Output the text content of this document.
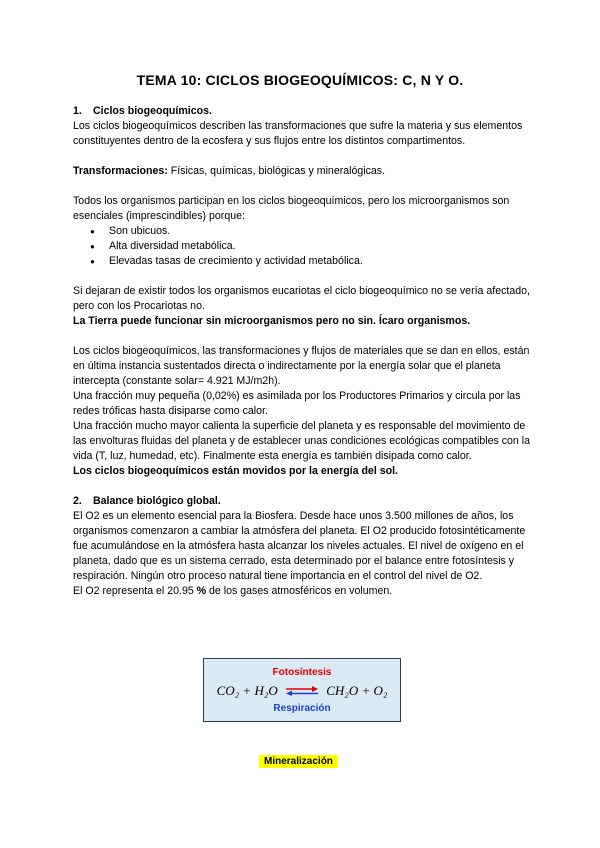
TEMA 10: CICLOS BIOGEOQUÍMICOS: C, N Y O.

1. Ciclos biogeoquímicos.

Los ciclos biogeoquímicos describen las transformaciones que sufre la materia y sus elementos constituyentes dentro de la ecosfera y sus flujos entre los distintos compartimentos.

Transformaciones: Físicas, químicas, biológicas y mineralógicas.

Todos los organismos participan en los ciclos biogeoquímicos, pero los microorganismos son esenciales (imprescindibles) porque:

● Son ubicuos.
● Alta diversidad metabólica.
● Elevadas tasas de crecimiento y actividad metabólica.

Si dejaran de existir todos los organismos eucariotas el ciclo biogeoquímico no se vería afectado, pero con los Procariotas no.

La Tierra puede funcionar sin microorganismos pero no sin. Ícaro organismos.

Los ciclos biogeoquímicos, las transformaciones y flujos de materiales que se dan en ellos, están en última instancia sustentados directa o indirectamente por la energía solar que el planeta intercepta (constante solar= 4.921 MJ/m2h).

Una fracción muy pequeña (0,02%) es asimilada por los Productores Primarios y circula por las redes tróficas hasta disiparse como calor.

Una fracción mucho mayor calienta la superficie del planeta y es responsable del movimiento de las envolturas fluidas del planeta y de establecer unas condiciones ecológicas compatibles con la vida (T, luz, humedad, etc). Finalmente esta energía es también disipada como calor.

Los ciclos biogeoquímicos están movidos por la energía del sol.

2. Balance biológico global.

El O2 es un elemento esencial para la Biosfera. Desde hace unos 3.500 millones de años, los organismos comenzaron a cambiar la atmósfera del planeta. El O2 producido fotosintéticamente fue acumulándose en la atmósfera hasta alcanzar los niveles actuales. El nivel de oxígeno en el planeta, dado que es un sistema cerrado, esta determinado por el balance entre fotosíntesis y respiración. Ningún otro proceso natural tiene importancia en el control del nivel de O2.

El O2 representa el 20.95 % de los gases atmosféricos en volumen.

Fotosíntesis
CO₂ + H₂O ⇌ CH₂O + O₂
Respiración
Mineralización
